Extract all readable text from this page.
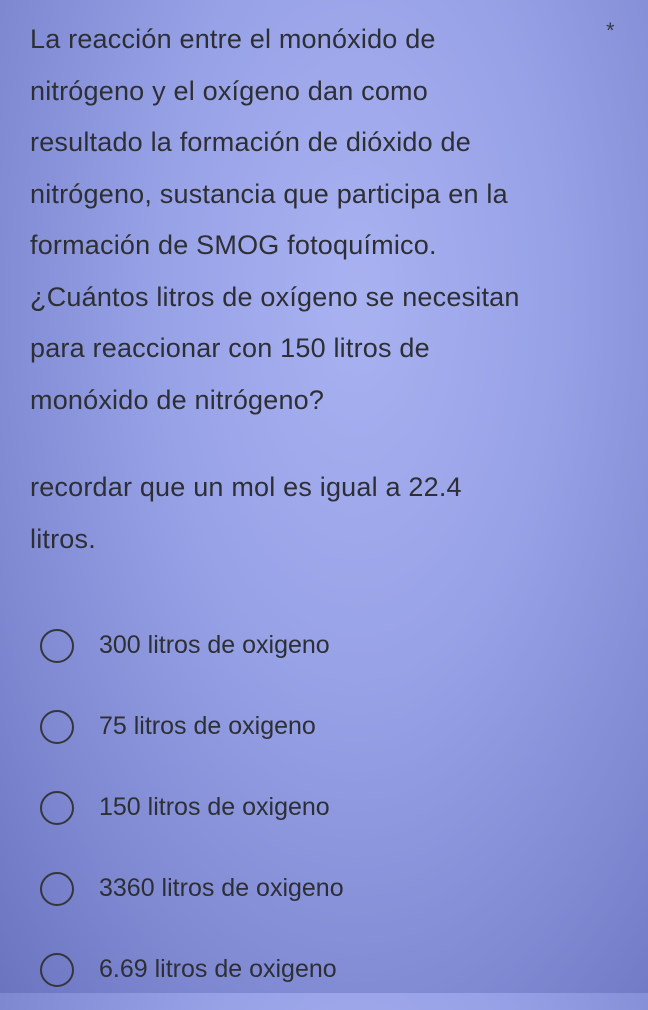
La reacción entre el monóxido de
nitrógeno y el oxígeno dan como
resultado la formación de dióxido de
nitrógeno, sustancia que participa en la
formación de SMOG fotoquímico.
¿Cuántos litros de oxígeno se necesitan
para reaccionar con 150 litros de
monóxido de nitrógeno?
*
recordar que un mol es igual a 22.4
litros.
300 litros de oxigeno
75 litros de oxigeno
150 litros de oxigeno
3360 litros de oxigeno
6.69 litros de oxigeno
